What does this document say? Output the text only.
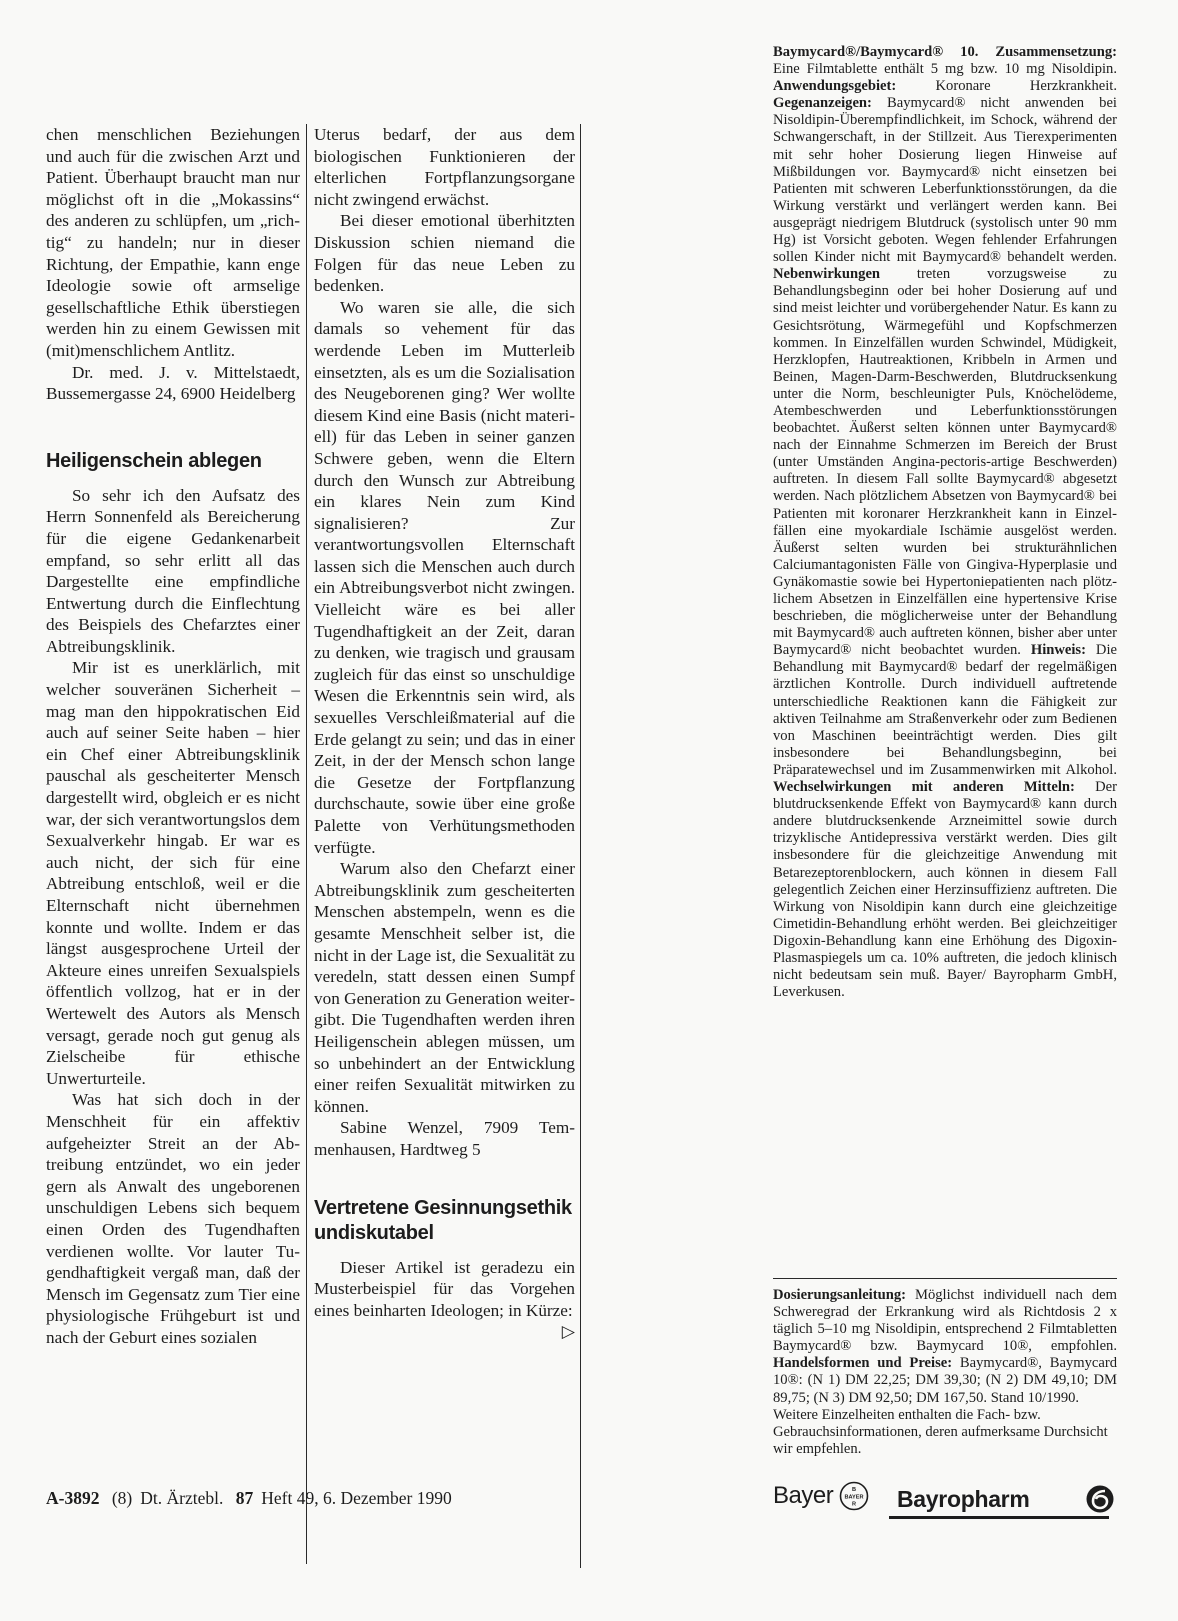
chen menschlichen Beziehungen und auch für die zwischen Arzt und Patient. Überhaupt braucht man nur möglichst oft in die „Mokassins“ des anderen zu schlüpfen, um „richtig“ zu handeln; nur in dieser Richtung, der Empathie, kann enge Ideologie sowie oft armselige gesellschaftliche Ethik überstiegen werden hin zu einem Gewissen mit (mit)menschlichem Antlitz.

Dr. med. J. v. Mittelstaedt, Bussemergasse 24, 6900 Heidelberg

Heiligenschein ablegen

So sehr ich den Aufsatz des Herrn Sonnenfeld als Bereicherung für die eigene Gedankenarbeit empfand, so sehr erlitt all das Dargestellte eine empfindliche Entwertung durch die Einflechtung des Beispiels des Chefarztes einer Abtreibungsklinik.

Mir ist es unerklärlich, mit welcher souveränen Sicherheit – mag man den hippokratischen Eid auch auf seiner Seite haben – hier ein Chef einer Abtreibungsklinik pauschal als gescheiterter Mensch dargestellt wird, obgleich er es nicht war, der sich verantwortungslos dem Sexualverkehr hingab. Er war es auch nicht, der sich für eine Abtreibung entschloß, weil er die Elternschaft nicht übernehmen konnte und wollte. Indem er das längst ausgesprochene Urteil der Akteure eines unreifen Sexualspiels öffentlich vollzog, hat er in der Wertewelt des Autors als Mensch versagt, gerade noch gut genug als Zielscheibe für ethische Unwerturteile.

Was hat sich doch in der Menschheit für ein affektiv aufgeheizter Streit an der Abtreibung entzündet, wo ein jeder gern als Anwalt des ungeborenen unschuldigen Lebens sich bequem einen Orden des Tugendhaften verdienen wollte. Vor lauter Tugendhaftigkeit vergaß man, daß der Mensch im Gegensatz zum Tier eine physiologische Frühgeburt ist und nach der Geburt eines sozialen

Uterus bedarf, der aus dem biologischen Funktionieren der elterlichen Fortpflanzungsorgane nicht zwingend erwächst.

Bei dieser emotional überhitzten Diskussion schien niemand die Folgen für das neue Leben zu bedenken.

Wo waren sie alle, die sich damals so vehement für das werdende Leben im Mutterleib einsetzten, als es um die Sozialisation des Neugeborenen ging? Wer wollte diesem Kind eine Basis (nicht materiell) für das Leben in seiner ganzen Schwere geben, wenn die Eltern durch den Wunsch zur Abtreibung ein klares Nein zum Kind signalisieren? Zur verantwortungsvollen Elternschaft lassen sich die Menschen auch durch ein Abtreibungsverbot nicht zwingen. Vielleicht wäre es bei aller Tugendhaftigkeit an der Zeit, daran zu denken, wie tragisch und grausam zugleich für das einst so unschuldige Wesen die Erkenntnis sein wird, als sexuelles Verschleißmaterial auf die Erde gelangt zu sein; und das in einer Zeit, in der der Mensch schon lange die Gesetze der Fortpflanzung durchschaute, sowie über eine große Palette von Verhütungsmethoden verfügte.

Warum also den Chefarzt einer Abtreibungsklinik zum gescheiterten Menschen abstempeln, wenn es die gesamte Menschheit selber ist, die nicht in der Lage ist, die Sexualität zu veredeln, statt dessen einen Sumpf von Generation zu Generation weitergibt. Die Tugendhaften werden ihren Heiligenschein ablegen müssen, um so unbehindert an der Entwicklung einer reifen Sexualität mitwirken zu können.

Sabine Wenzel, 7909 Temmenhausen, Hardtweg 5

Vertretene Gesinnungsethik undiskutabel

Dieser Artikel ist geradezu ein Musterbeispiel für das Vorgehen eines beinharten Ideologen; in Kürze:
▷

Baymycard®/Baymycard® 10. Zusammensetzung: Eine Filmtablette enthält 5 mg bzw. 10 mg Nisoldipin. Anwendungsgebiet:	Koronare Herzkrankheit. Gegenanzeigen: Baymycard® nicht anwenden bei Nisoldipin-Überempfindlichkeit, im Schock, während der Schwangerschaft, in der Stillzeit. Aus Tierexperimenten mit sehr hoher Dosierung liegen Hinweise auf Mißbildungen vor. Baymycard® nicht einsetzen bei Patienten mit schweren Leberfunktionsstörungen, da die Wirkung verstärkt und verlängert werden kann. Bei ausgeprägt niedrigem Blutdruck (systolisch unter 90 mm Hg) ist Vorsicht geboten. Wegen fehlender Erfahrungen sollen Kinder nicht mit Baymycard® behandelt werden. Nebenwirkungen	treten vorzugsweise zu Behandlungsbeginn oder bei hoher Dosierung auf und sind meist leichter und vorübergehender Natur. Es kann zu Gesichtsrötung, Wärmegefühl und Kopfschmerzen kommen. In Einzelfällen wurden Schwindel, Müdigkeit, Herzklopfen, Hautreaktionen, Kribbeln in Armen und Beinen, Magen-Darm-Beschwerden, Blutdrucksenkung unter die Norm, beschleunigter Puls, Knöchelödeme, Atembeschwerden und Leberfunktionsstörungen beobachtet. Äußerst selten können unter Baymycard® nach der Einnahme Schmerzen im Bereich der Brust (unter Umständen Angina-pectoris-artige Beschwerden) auftreten. In diesem Fall sollte Baymycard® abgesetzt werden. Nach plötzlichem Absetzen von Baymycard® bei Patienten mit koronarer Herzkrankheit kann in Einzelfällen eine myokardiale Ischämie ausgelöst werden. Äußerst selten wurden bei strukturähnlichen Calciumantagonisten Fälle von Gingiva-Hyperplasie und Gynäkomastie sowie bei Hypertoniepatienten nach plötzlichem Absetzen in Einzelfällen eine hypertensive Krise beschrieben, die möglicherweise unter der Behandlung mit Baymycard® auch auftreten können, bisher aber unter Baymycard® nicht beobachtet wurden. Hinweis: Die Behandlung mit Baymycard® bedarf der regelmäßigen ärztlichen Kontrolle. Durch individuell auftretende unterschiedliche Reaktionen kann die Fähigkeit zur aktiven Teilnahme am Straßenverkehr oder zum Bedienen von Maschinen beeinträchtigt werden. Dies gilt insbesondere bei Behandlungsbeginn, bei Präparatewechsel und im Zusammenwirken mit Alkohol. Wechselwirkungen mit anderen Mitteln: Der blutdrucksenkende Effekt von Baymycard® kann durch andere blutdrucksenkende Arzneimittel sowie durch trizyklische Antidepressiva verstärkt werden. Dies gilt insbesondere für die gleichzeitige Anwendung mit Betarezeptorenblockern, auch können in diesem Fall gelegentlich Zeichen einer Herzinsuffizienz auftreten. Die Wirkung von Nisoldipin kann durch eine gleichzeitige Cimetidin-Behandlung erhöht werden. Bei gleichzeitiger Digoxin-Behandlung kann eine Erhöhung des Digoxin-Plasmaspiegels um ca. 10% auftreten, die jedoch klinisch nicht bedeutsam sein muß. Bayer/ Bayropharm GmbH, Leverkusen.
Dosierungsanleitung: Möglichst individuell nach dem Schweregrad der Erkrankung wird als Richtdosis 2 x täglich 5–10 mg Nisoldipin, entsprechend 2 Filmtabletten Baymycard® bzw. Baymycard 10®, empfohlen. Handelsformen und Preise: Baymycard®, Baymycard 10®: (N 1) DM 22,25; DM 39,30; (N 2) DM 49,10; DM 89,75; (N 3) DM 92,50; DM 167,50. Stand 10/1990.
Weitere Einzelheiten enthalten die Fach- bzw. Gebrauchsinformationen, deren aufmerksame Durchsicht wir empfehlen.
A-3892 (8) Dt. Ärztebl. 87 Heft 49, 6. Dezember 1990	Bayer BAYER
B
R Bayropharm
